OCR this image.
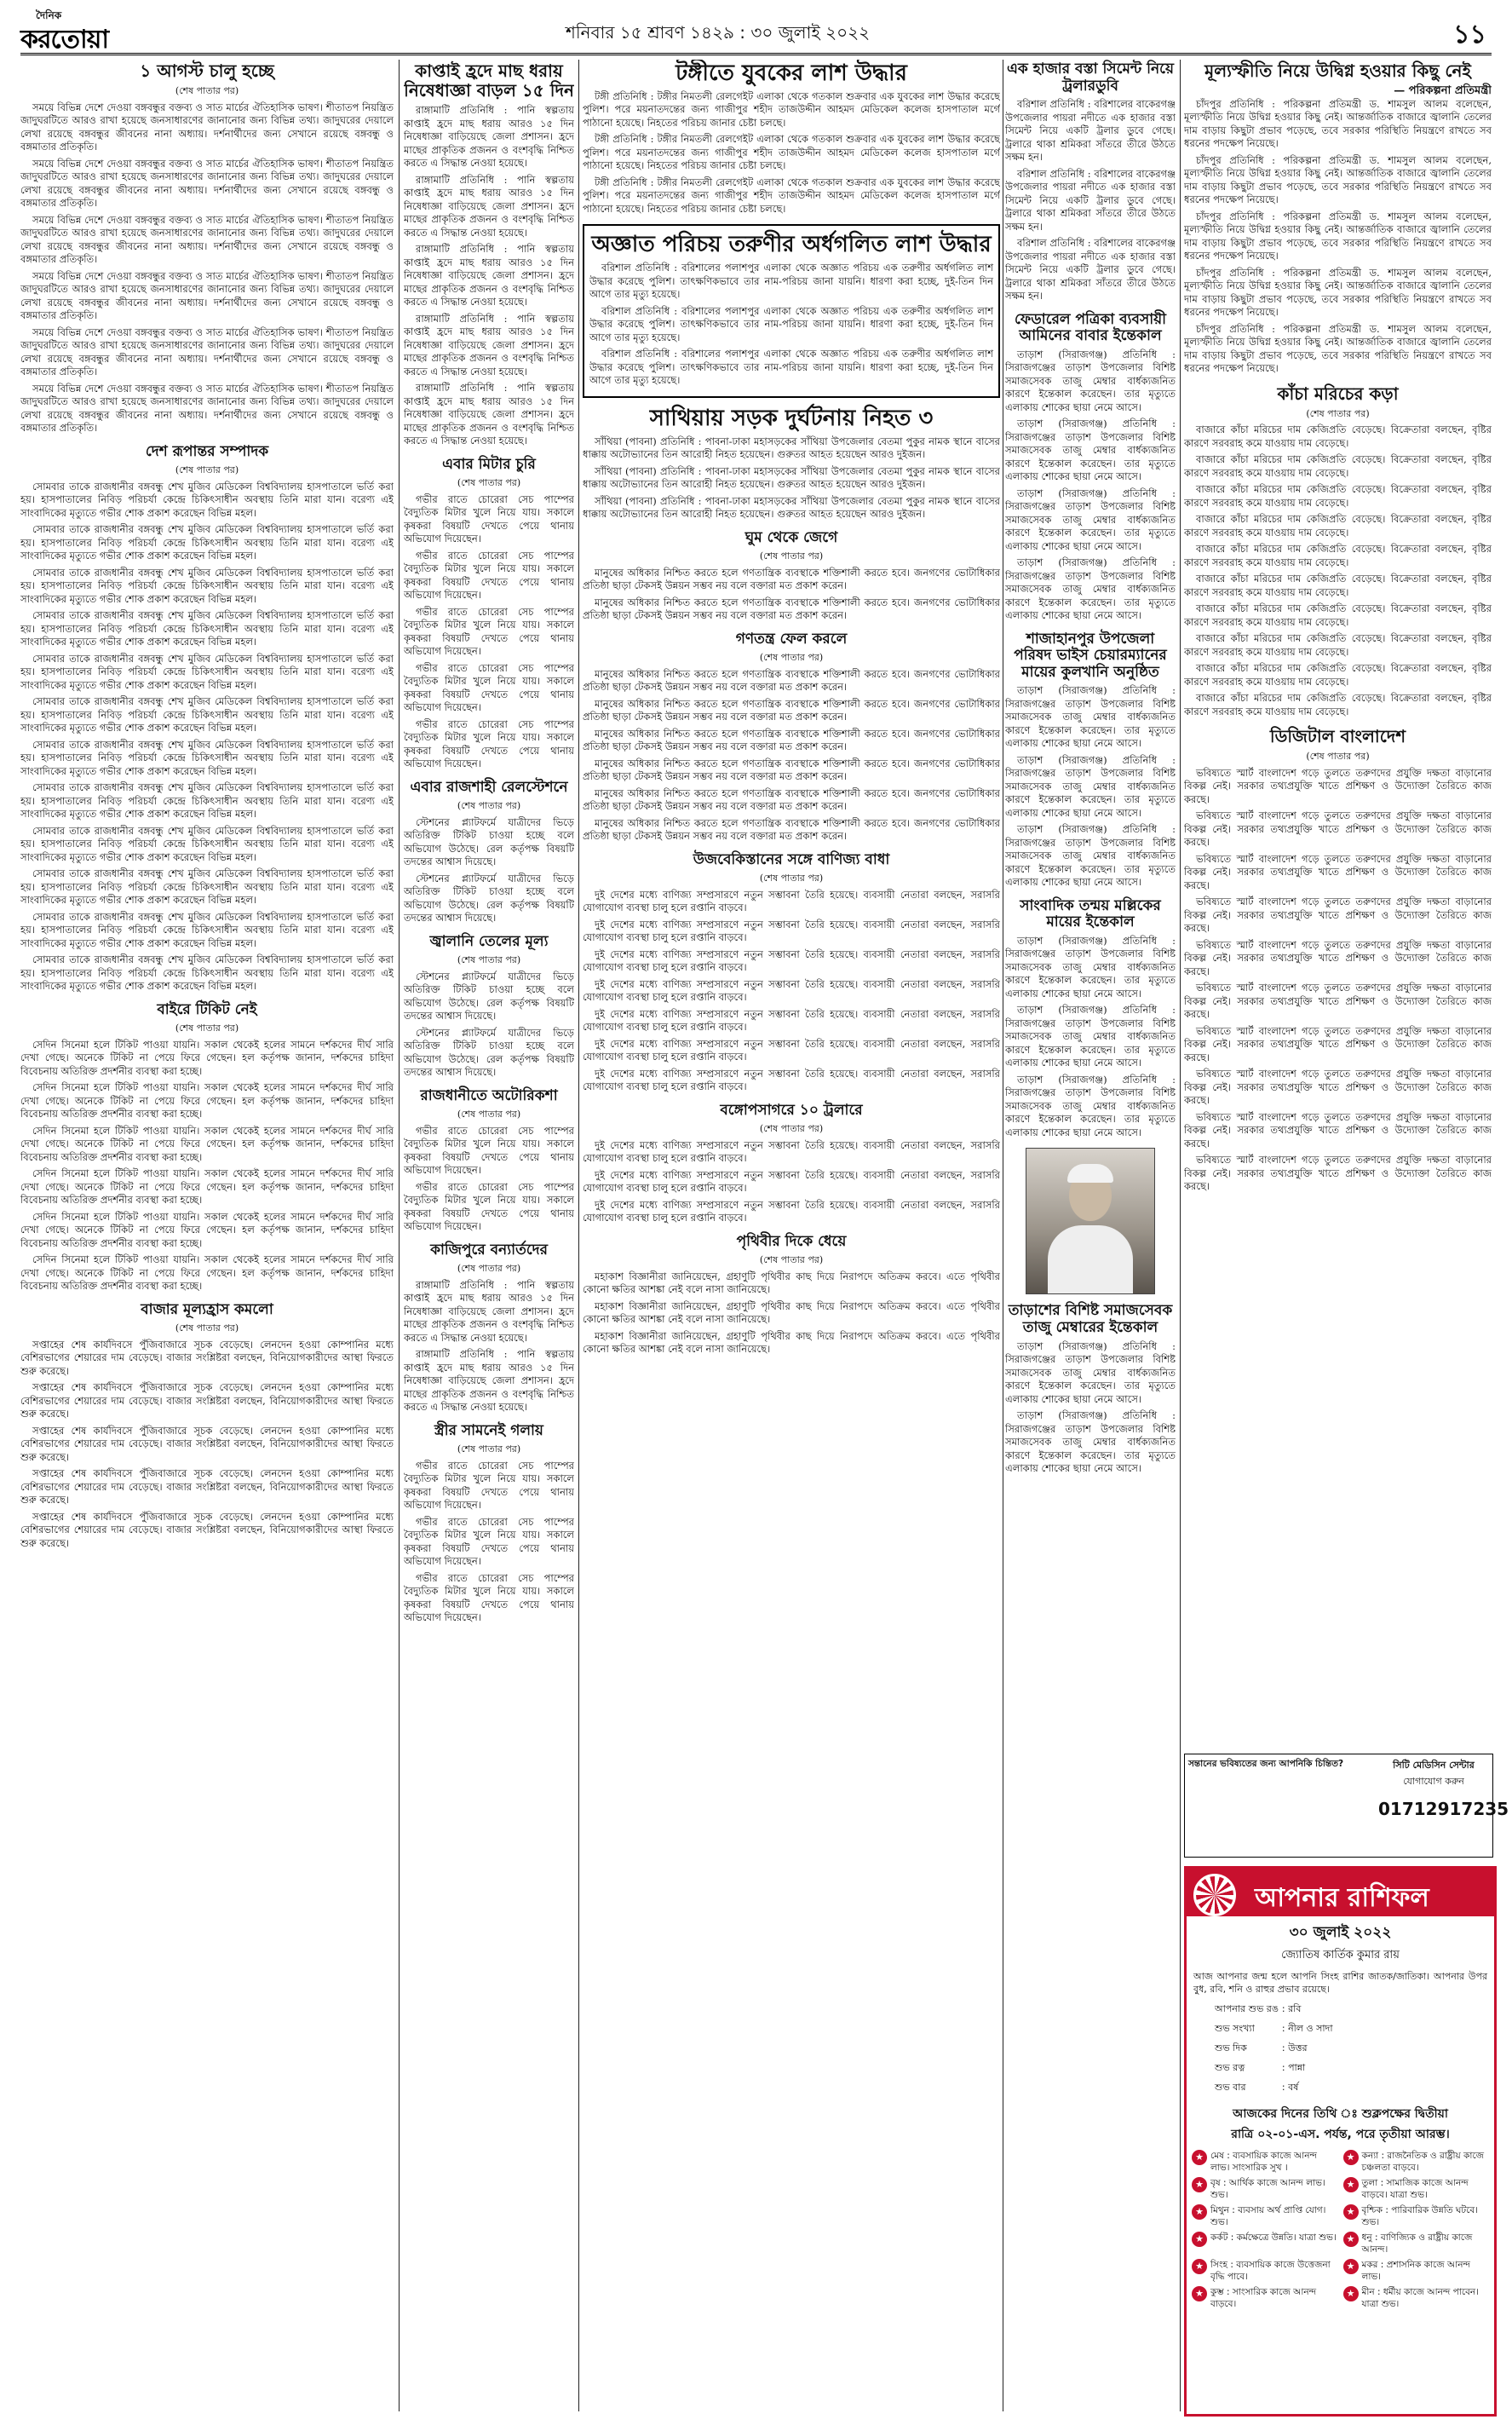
দৈনিক
করতোয়া	শনিবার ১৫ শ্রাবণ ১৪২৯ : ৩০ জুলাই ২০২২	১১
১ আগস্ট চালু হচ্ছে
(শেষ পাতার পর)

সময়ে বিভিন্ন দেশে দেওয়া বঙ্গবন্ধুর বক্তব্য ও সাত মার্চের ঐতিহাসিক ভাষণ। শীতাতপ নিয়ন্ত্রিত জাদুঘরটিতে আরও রাখা হয়েছে জনসাধারণের জানানোর জন্য বিভিন্ন তথ্য। জাদুঘরের দেয়ালে লেখা রয়েছে বঙ্গবন্ধুর জীবনের নানা অধ্যায়। দর্শনার্থীদের জন্য সেখানে রয়েছে বঙ্গবন্ধু ও বঙ্গমাতার প্রতিকৃতি।

সময়ে বিভিন্ন দেশে দেওয়া বঙ্গবন্ধুর বক্তব্য ও সাত মার্চের ঐতিহাসিক ভাষণ। শীতাতপ নিয়ন্ত্রিত জাদুঘরটিতে আরও রাখা হয়েছে জনসাধারণের জানানোর জন্য বিভিন্ন তথ্য। জাদুঘরের দেয়ালে লেখা রয়েছে বঙ্গবন্ধুর জীবনের নানা অধ্যায়। দর্শনার্থীদের জন্য সেখানে রয়েছে বঙ্গবন্ধু ও বঙ্গমাতার প্রতিকৃতি।

সময়ে বিভিন্ন দেশে দেওয়া বঙ্গবন্ধুর বক্তব্য ও সাত মার্চের ঐতিহাসিক ভাষণ। শীতাতপ নিয়ন্ত্রিত জাদুঘরটিতে আরও রাখা হয়েছে জনসাধারণের জানানোর জন্য বিভিন্ন তথ্য। জাদুঘরের দেয়ালে লেখা রয়েছে বঙ্গবন্ধুর জীবনের নানা অধ্যায়। দর্শনার্থীদের জন্য সেখানে রয়েছে বঙ্গবন্ধু ও বঙ্গমাতার প্রতিকৃতি।

সময়ে বিভিন্ন দেশে দেওয়া বঙ্গবন্ধুর বক্তব্য ও সাত মার্চের ঐতিহাসিক ভাষণ। শীতাতপ নিয়ন্ত্রিত জাদুঘরটিতে আরও রাখা হয়েছে জনসাধারণের জানানোর জন্য বিভিন্ন তথ্য। জাদুঘরের দেয়ালে লেখা রয়েছে বঙ্গবন্ধুর জীবনের নানা অধ্যায়। দর্শনার্থীদের জন্য সেখানে রয়েছে বঙ্গবন্ধু ও বঙ্গমাতার প্রতিকৃতি।

সময়ে বিভিন্ন দেশে দেওয়া বঙ্গবন্ধুর বক্তব্য ও সাত মার্চের ঐতিহাসিক ভাষণ। শীতাতপ নিয়ন্ত্রিত জাদুঘরটিতে আরও রাখা হয়েছে জনসাধারণের জানানোর জন্য বিভিন্ন তথ্য। জাদুঘরের দেয়ালে লেখা রয়েছে বঙ্গবন্ধুর জীবনের নানা অধ্যায়। দর্শনার্থীদের জন্য সেখানে রয়েছে বঙ্গবন্ধু ও বঙ্গমাতার প্রতিকৃতি।

সময়ে বিভিন্ন দেশে দেওয়া বঙ্গবন্ধুর বক্তব্য ও সাত মার্চের ঐতিহাসিক ভাষণ। শীতাতপ নিয়ন্ত্রিত জাদুঘরটিতে আরও রাখা হয়েছে জনসাধারণের জানানোর জন্য বিভিন্ন তথ্য। জাদুঘরের দেয়ালে লেখা রয়েছে বঙ্গবন্ধুর জীবনের নানা অধ্যায়। দর্শনার্থীদের জন্য সেখানে রয়েছে বঙ্গবন্ধু ও বঙ্গমাতার প্রতিকৃতি।

দেশ রূপান্তর সম্পাদক
(শেষ পাতার পর)

সোমবার তাকে রাজধানীর বঙ্গবন্ধু শেখ মুজিব মেডিকেল বিশ্ববিদ্যালয় হাসপাতালে ভর্তি করা হয়। হাসপাতালের নিবিড় পরিচর্যা কেন্দ্রে চিকিৎসাধীন অবস্থায় তিনি মারা যান। বরেণ্য এই সাংবাদিকের মৃত্যুতে গভীর শোক প্রকাশ করেছেন বিভিন্ন মহল।

সোমবার তাকে রাজধানীর বঙ্গবন্ধু শেখ মুজিব মেডিকেল বিশ্ববিদ্যালয় হাসপাতালে ভর্তি করা হয়। হাসপাতালের নিবিড় পরিচর্যা কেন্দ্রে চিকিৎসাধীন অবস্থায় তিনি মারা যান। বরেণ্য এই সাংবাদিকের মৃত্যুতে গভীর শোক প্রকাশ করেছেন বিভিন্ন মহল।

সোমবার তাকে রাজধানীর বঙ্গবন্ধু শেখ মুজিব মেডিকেল বিশ্ববিদ্যালয় হাসপাতালে ভর্তি করা হয়। হাসপাতালের নিবিড় পরিচর্যা কেন্দ্রে চিকিৎসাধীন অবস্থায় তিনি মারা যান। বরেণ্য এই সাংবাদিকের মৃত্যুতে গভীর শোক প্রকাশ করেছেন বিভিন্ন মহল।

সোমবার তাকে রাজধানীর বঙ্গবন্ধু শেখ মুজিব মেডিকেল বিশ্ববিদ্যালয় হাসপাতালে ভর্তি করা হয়। হাসপাতালের নিবিড় পরিচর্যা কেন্দ্রে চিকিৎসাধীন অবস্থায় তিনি মারা যান। বরেণ্য এই সাংবাদিকের মৃত্যুতে গভীর শোক প্রকাশ করেছেন বিভিন্ন মহল।

সোমবার তাকে রাজধানীর বঙ্গবন্ধু শেখ মুজিব মেডিকেল বিশ্ববিদ্যালয় হাসপাতালে ভর্তি করা হয়। হাসপাতালের নিবিড় পরিচর্যা কেন্দ্রে চিকিৎসাধীন অবস্থায় তিনি মারা যান। বরেণ্য এই সাংবাদিকের মৃত্যুতে গভীর শোক প্রকাশ করেছেন বিভিন্ন মহল।

সোমবার তাকে রাজধানীর বঙ্গবন্ধু শেখ মুজিব মেডিকেল বিশ্ববিদ্যালয় হাসপাতালে ভর্তি করা হয়। হাসপাতালের নিবিড় পরিচর্যা কেন্দ্রে চিকিৎসাধীন অবস্থায় তিনি মারা যান। বরেণ্য এই সাংবাদিকের মৃত্যুতে গভীর শোক প্রকাশ করেছেন বিভিন্ন মহল।

সোমবার তাকে রাজধানীর বঙ্গবন্ধু শেখ মুজিব মেডিকেল বিশ্ববিদ্যালয় হাসপাতালে ভর্তি করা হয়। হাসপাতালের নিবিড় পরিচর্যা কেন্দ্রে চিকিৎসাধীন অবস্থায় তিনি মারা যান। বরেণ্য এই সাংবাদিকের মৃত্যুতে গভীর শোক প্রকাশ করেছেন বিভিন্ন মহল।

সোমবার তাকে রাজধানীর বঙ্গবন্ধু শেখ মুজিব মেডিকেল বিশ্ববিদ্যালয় হাসপাতালে ভর্তি করা হয়। হাসপাতালের নিবিড় পরিচর্যা কেন্দ্রে চিকিৎসাধীন অবস্থায় তিনি মারা যান। বরেণ্য এই সাংবাদিকের মৃত্যুতে গভীর শোক প্রকাশ করেছেন বিভিন্ন মহল।

সোমবার তাকে রাজধানীর বঙ্গবন্ধু শেখ মুজিব মেডিকেল বিশ্ববিদ্যালয় হাসপাতালে ভর্তি করা হয়। হাসপাতালের নিবিড় পরিচর্যা কেন্দ্রে চিকিৎসাধীন অবস্থায় তিনি মারা যান। বরেণ্য এই সাংবাদিকের মৃত্যুতে গভীর শোক প্রকাশ করেছেন বিভিন্ন মহল।

সোমবার তাকে রাজধানীর বঙ্গবন্ধু শেখ মুজিব মেডিকেল বিশ্ববিদ্যালয় হাসপাতালে ভর্তি করা হয়। হাসপাতালের নিবিড় পরিচর্যা কেন্দ্রে চিকিৎসাধীন অবস্থায় তিনি মারা যান। বরেণ্য এই সাংবাদিকের মৃত্যুতে গভীর শোক প্রকাশ করেছেন বিভিন্ন মহল।

সোমবার তাকে রাজধানীর বঙ্গবন্ধু শেখ মুজিব মেডিকেল বিশ্ববিদ্যালয় হাসপাতালে ভর্তি করা হয়। হাসপাতালের নিবিড় পরিচর্যা কেন্দ্রে চিকিৎসাধীন অবস্থায় তিনি মারা যান। বরেণ্য এই সাংবাদিকের মৃত্যুতে গভীর শোক প্রকাশ করেছেন বিভিন্ন মহল।

সোমবার তাকে রাজধানীর বঙ্গবন্ধু শেখ মুজিব মেডিকেল বিশ্ববিদ্যালয় হাসপাতালে ভর্তি করা হয়। হাসপাতালের নিবিড় পরিচর্যা কেন্দ্রে চিকিৎসাধীন অবস্থায় তিনি মারা যান। বরেণ্য এই সাংবাদিকের মৃত্যুতে গভীর শোক প্রকাশ করেছেন বিভিন্ন মহল।

বাইরে টিকিট নেই
(শেষ পাতার পর)

সেদিন সিনেমা হলে টিকিট পাওয়া যায়নি। সকাল থেকেই হলের সামনে দর্শকদের দীর্ঘ সারি দেখা গেছে। অনেকে টিকিট না পেয়ে ফিরে গেছেন। হল কর্তৃপক্ষ জানান, দর্শকদের চাহিদা বিবেচনায় অতিরিক্ত প্রদর্শনীর ব্যবস্থা করা হচ্ছে।

সেদিন সিনেমা হলে টিকিট পাওয়া যায়নি। সকাল থেকেই হলের সামনে দর্শকদের দীর্ঘ সারি দেখা গেছে। অনেকে টিকিট না পেয়ে ফিরে গেছেন। হল কর্তৃপক্ষ জানান, দর্শকদের চাহিদা বিবেচনায় অতিরিক্ত প্রদর্শনীর ব্যবস্থা করা হচ্ছে।

সেদিন সিনেমা হলে টিকিট পাওয়া যায়নি। সকাল থেকেই হলের সামনে দর্শকদের দীর্ঘ সারি দেখা গেছে। অনেকে টিকিট না পেয়ে ফিরে গেছেন। হল কর্তৃপক্ষ জানান, দর্শকদের চাহিদা বিবেচনায় অতিরিক্ত প্রদর্শনীর ব্যবস্থা করা হচ্ছে।

সেদিন সিনেমা হলে টিকিট পাওয়া যায়নি। সকাল থেকেই হলের সামনে দর্শকদের দীর্ঘ সারি দেখা গেছে। অনেকে টিকিট না পেয়ে ফিরে গেছেন। হল কর্তৃপক্ষ জানান, দর্শকদের চাহিদা বিবেচনায় অতিরিক্ত প্রদর্শনীর ব্যবস্থা করা হচ্ছে।

সেদিন সিনেমা হলে টিকিট পাওয়া যায়নি। সকাল থেকেই হলের সামনে দর্শকদের দীর্ঘ সারি দেখা গেছে। অনেকে টিকিট না পেয়ে ফিরে গেছেন। হল কর্তৃপক্ষ জানান, দর্শকদের চাহিদা বিবেচনায় অতিরিক্ত প্রদর্শনীর ব্যবস্থা করা হচ্ছে।

সেদিন সিনেমা হলে টিকিট পাওয়া যায়নি। সকাল থেকেই হলের সামনে দর্শকদের দীর্ঘ সারি দেখা গেছে। অনেকে টিকিট না পেয়ে ফিরে গেছেন। হল কর্তৃপক্ষ জানান, দর্শকদের চাহিদা বিবেচনায় অতিরিক্ত প্রদর্শনীর ব্যবস্থা করা হচ্ছে।

বাজার মূল্যহ্রাস কমলো
(শেষ পাতার পর)

সপ্তাহের শেষ কার্যদিবসে পুঁজিবাজারে সূচক বেড়েছে। লেনদেন হওয়া কোম্পানির মধ্যে বেশিরভাগের শেয়ারের দাম বেড়েছে। বাজার সংশ্লিষ্টরা বলছেন, বিনিয়োগকারীদের আস্থা ফিরতে শুরু করেছে।

সপ্তাহের শেষ কার্যদিবসে পুঁজিবাজারে সূচক বেড়েছে। লেনদেন হওয়া কোম্পানির মধ্যে বেশিরভাগের শেয়ারের দাম বেড়েছে। বাজার সংশ্লিষ্টরা বলছেন, বিনিয়োগকারীদের আস্থা ফিরতে শুরু করেছে।

সপ্তাহের শেষ কার্যদিবসে পুঁজিবাজারে সূচক বেড়েছে। লেনদেন হওয়া কোম্পানির মধ্যে বেশিরভাগের শেয়ারের দাম বেড়েছে। বাজার সংশ্লিষ্টরা বলছেন, বিনিয়োগকারীদের আস্থা ফিরতে শুরু করেছে।

সপ্তাহের শেষ কার্যদিবসে পুঁজিবাজারে সূচক বেড়েছে। লেনদেন হওয়া কোম্পানির মধ্যে বেশিরভাগের শেয়ারের দাম বেড়েছে। বাজার সংশ্লিষ্টরা বলছেন, বিনিয়োগকারীদের আস্থা ফিরতে শুরু করেছে।

সপ্তাহের শেষ কার্যদিবসে পুঁজিবাজারে সূচক বেড়েছে। লেনদেন হওয়া কোম্পানির মধ্যে বেশিরভাগের শেয়ারের দাম বেড়েছে। বাজার সংশ্লিষ্টরা বলছেন, বিনিয়োগকারীদের আস্থা ফিরতে শুরু করেছে।

কাপ্তাই হ্রদে মাছ ধরায় নিষেধাজ্ঞা বাড়ল ১৫ দিন

রাঙ্গামাটি প্রতিনিধি : পানি স্বল্পতায় কাপ্তাই হ্রদে মাছ ধরায় আরও ১৫ দিন নিষেধাজ্ঞা বাড়িয়েছে জেলা প্রশাসন। হ্রদে মাছের প্রাকৃতিক প্রজনন ও বংশবৃদ্ধি নিশ্চিত করতে এ সিদ্ধান্ত নেওয়া হয়েছে।

রাঙ্গামাটি প্রতিনিধি : পানি স্বল্পতায় কাপ্তাই হ্রদে মাছ ধরায় আরও ১৫ দিন নিষেধাজ্ঞা বাড়িয়েছে জেলা প্রশাসন। হ্রদে মাছের প্রাকৃতিক প্রজনন ও বংশবৃদ্ধি নিশ্চিত করতে এ সিদ্ধান্ত নেওয়া হয়েছে।

রাঙ্গামাটি প্রতিনিধি : পানি স্বল্পতায় কাপ্তাই হ্রদে মাছ ধরায় আরও ১৫ দিন নিষেধাজ্ঞা বাড়িয়েছে জেলা প্রশাসন। হ্রদে মাছের প্রাকৃতিক প্রজনন ও বংশবৃদ্ধি নিশ্চিত করতে এ সিদ্ধান্ত নেওয়া হয়েছে।

রাঙ্গামাটি প্রতিনিধি : পানি স্বল্পতায় কাপ্তাই হ্রদে মাছ ধরায় আরও ১৫ দিন নিষেধাজ্ঞা বাড়িয়েছে জেলা প্রশাসন। হ্রদে মাছের প্রাকৃতিক প্রজনন ও বংশবৃদ্ধি নিশ্চিত করতে এ সিদ্ধান্ত নেওয়া হয়েছে।

রাঙ্গামাটি প্রতিনিধি : পানি স্বল্পতায় কাপ্তাই হ্রদে মাছ ধরায় আরও ১৫ দিন নিষেধাজ্ঞা বাড়িয়েছে জেলা প্রশাসন। হ্রদে মাছের প্রাকৃতিক প্রজনন ও বংশবৃদ্ধি নিশ্চিত করতে এ সিদ্ধান্ত নেওয়া হয়েছে।

এবার মিটার চুরি
(শেষ পাতার পর)

গভীর রাতে চোরেরা সেচ পাম্পের বৈদ্যুতিক মিটার খুলে নিয়ে যায়। সকালে কৃষকরা বিষয়টি দেখতে পেয়ে থানায় অভিযোগ দিয়েছেন।

গভীর রাতে চোরেরা সেচ পাম্পের বৈদ্যুতিক মিটার খুলে নিয়ে যায়। সকালে কৃষকরা বিষয়টি দেখতে পেয়ে থানায় অভিযোগ দিয়েছেন।

গভীর রাতে চোরেরা সেচ পাম্পের বৈদ্যুতিক মিটার খুলে নিয়ে যায়। সকালে কৃষকরা বিষয়টি দেখতে পেয়ে থানায় অভিযোগ দিয়েছেন।

গভীর রাতে চোরেরা সেচ পাম্পের বৈদ্যুতিক মিটার খুলে নিয়ে যায়। সকালে কৃষকরা বিষয়টি দেখতে পেয়ে থানায় অভিযোগ দিয়েছেন।

গভীর রাতে চোরেরা সেচ পাম্পের বৈদ্যুতিক মিটার খুলে নিয়ে যায়। সকালে কৃষকরা বিষয়টি দেখতে পেয়ে থানায় অভিযোগ দিয়েছেন।

এবার রাজশাহী রেলস্টেশনে
(শেষ পাতার পর)

স্টেশনের প্ল্যাটফর্মে যাত্রীদের ভিড়ে অতিরিক্ত টিকিট চাওয়া হচ্ছে বলে অভিযোগ উঠেছে। রেল কর্তৃপক্ষ বিষয়টি তদন্তের আশ্বাস দিয়েছে।

স্টেশনের প্ল্যাটফর্মে যাত্রীদের ভিড়ে অতিরিক্ত টিকিট চাওয়া হচ্ছে বলে অভিযোগ উঠেছে। রেল কর্তৃপক্ষ বিষয়টি তদন্তের আশ্বাস দিয়েছে।

জ্বালানি তেলের মূল্য
(শেষ পাতার পর)

স্টেশনের প্ল্যাটফর্মে যাত্রীদের ভিড়ে অতিরিক্ত টিকিট চাওয়া হচ্ছে বলে অভিযোগ উঠেছে। রেল কর্তৃপক্ষ বিষয়টি তদন্তের আশ্বাস দিয়েছে।

স্টেশনের প্ল্যাটফর্মে যাত্রীদের ভিড়ে অতিরিক্ত টিকিট চাওয়া হচ্ছে বলে অভিযোগ উঠেছে। রেল কর্তৃপক্ষ বিষয়টি তদন্তের আশ্বাস দিয়েছে।

রাজধানীতে অটোরিকশা
(শেষ পাতার পর)

গভীর রাতে চোরেরা সেচ পাম্পের বৈদ্যুতিক মিটার খুলে নিয়ে যায়। সকালে কৃষকরা বিষয়টি দেখতে পেয়ে থানায় অভিযোগ দিয়েছেন।

গভীর রাতে চোরেরা সেচ পাম্পের বৈদ্যুতিক মিটার খুলে নিয়ে যায়। সকালে কৃষকরা বিষয়টি দেখতে পেয়ে থানায় অভিযোগ দিয়েছেন।

কাজিপুরে বন্যার্তদের
(শেষ পাতার পর)

রাঙ্গামাটি প্রতিনিধি : পানি স্বল্পতায় কাপ্তাই হ্রদে মাছ ধরায় আরও ১৫ দিন নিষেধাজ্ঞা বাড়িয়েছে জেলা প্রশাসন। হ্রদে মাছের প্রাকৃতিক প্রজনন ও বংশবৃদ্ধি নিশ্চিত করতে এ সিদ্ধান্ত নেওয়া হয়েছে।

রাঙ্গামাটি প্রতিনিধি : পানি স্বল্পতায় কাপ্তাই হ্রদে মাছ ধরায় আরও ১৫ দিন নিষেধাজ্ঞা বাড়িয়েছে জেলা প্রশাসন। হ্রদে মাছের প্রাকৃতিক প্রজনন ও বংশবৃদ্ধি নিশ্চিত করতে এ সিদ্ধান্ত নেওয়া হয়েছে।

স্ত্রীর সামনেই গলায়
(শেষ পাতার পর)

গভীর রাতে চোরেরা সেচ পাম্পের বৈদ্যুতিক মিটার খুলে নিয়ে যায়। সকালে কৃষকরা বিষয়টি দেখতে পেয়ে থানায় অভিযোগ দিয়েছেন।

গভীর রাতে চোরেরা সেচ পাম্পের বৈদ্যুতিক মিটার খুলে নিয়ে যায়। সকালে কৃষকরা বিষয়টি দেখতে পেয়ে থানায় অভিযোগ দিয়েছেন।

গভীর রাতে চোরেরা সেচ পাম্পের বৈদ্যুতিক মিটার খুলে নিয়ে যায়। সকালে কৃষকরা বিষয়টি দেখতে পেয়ে থানায় অভিযোগ দিয়েছেন।

টঙ্গীতে যুবকের লাশ উদ্ধার

টঙ্গী প্রতিনিধি : টঙ্গীর নিমতলী রেলগেইট এলাকা থেকে গতকাল শুক্রবার এক যুবকের লাশ উদ্ধার করেছে পুলিশ। পরে ময়নাতদন্তের জন্য গাজীপুর শহীদ তাজউদ্দীন আহমদ মেডিকেল কলেজ হাসপাতাল মর্গে পাঠানো হয়েছে। নিহতের পরিচয় জানার চেষ্টা চলছে।

টঙ্গী প্রতিনিধি : টঙ্গীর নিমতলী রেলগেইট এলাকা থেকে গতকাল শুক্রবার এক যুবকের লাশ উদ্ধার করেছে পুলিশ। পরে ময়নাতদন্তের জন্য গাজীপুর শহীদ তাজউদ্দীন আহমদ মেডিকেল কলেজ হাসপাতাল মর্গে পাঠানো হয়েছে। নিহতের পরিচয় জানার চেষ্টা চলছে।

টঙ্গী প্রতিনিধি : টঙ্গীর নিমতলী রেলগেইট এলাকা থেকে গতকাল শুক্রবার এক যুবকের লাশ উদ্ধার করেছে পুলিশ। পরে ময়নাতদন্তের জন্য গাজীপুর শহীদ তাজউদ্দীন আহমদ মেডিকেল কলেজ হাসপাতাল মর্গে পাঠানো হয়েছে। নিহতের পরিচয় জানার চেষ্টা চলছে।

অজ্ঞাত পরিচয় তরুণীর অর্ধগলিত লাশ উদ্ধার

বরিশাল প্রতিনিধি : বরিশালের পলাশপুর এলাকা থেকে অজ্ঞাত পরিচয় এক তরুণীর অর্ধগলিত লাশ উদ্ধার করেছে পুলিশ। তাৎক্ষণিকভাবে তার নাম-পরিচয় জানা যায়নি। ধারণা করা হচ্ছে, দুই-তিন দিন আগে তার মৃত্যু হয়েছে।

বরিশাল প্রতিনিধি : বরিশালের পলাশপুর এলাকা থেকে অজ্ঞাত পরিচয় এক তরুণীর অর্ধগলিত লাশ উদ্ধার করেছে পুলিশ। তাৎক্ষণিকভাবে তার নাম-পরিচয় জানা যায়নি। ধারণা করা হচ্ছে, দুই-তিন দিন আগে তার মৃত্যু হয়েছে।

বরিশাল প্রতিনিধি : বরিশালের পলাশপুর এলাকা থেকে অজ্ঞাত পরিচয় এক তরুণীর অর্ধগলিত লাশ উদ্ধার করেছে পুলিশ। তাৎক্ষণিকভাবে তার নাম-পরিচয় জানা যায়নি। ধারণা করা হচ্ছে, দুই-তিন দিন আগে তার মৃত্যু হয়েছে।

সাথিয়ায় সড়ক দুর্ঘটনায় নিহত ৩

সাঁথিয়া (পাবনা) প্রতিনিধি : পাবনা-ঢাকা মহাসড়কের সাঁথিয়া উপজেলার বেতমা পুকুর নামক স্থানে বাসের ধাক্কায় অটোভ্যানের তিন আরোহী নিহত হয়েছেন। গুরুতর আহত হয়েছেন আরও দুইজন।

সাঁথিয়া (পাবনা) প্রতিনিধি : পাবনা-ঢাকা মহাসড়কের সাঁথিয়া উপজেলার বেতমা পুকুর নামক স্থানে বাসের ধাক্কায় অটোভ্যানের তিন আরোহী নিহত হয়েছেন। গুরুতর আহত হয়েছেন আরও দুইজন।

সাঁথিয়া (পাবনা) প্রতিনিধি : পাবনা-ঢাকা মহাসড়কের সাঁথিয়া উপজেলার বেতমা পুকুর নামক স্থানে বাসের ধাক্কায় অটোভ্যানের তিন আরোহী নিহত হয়েছেন। গুরুতর আহত হয়েছেন আরও দুইজন।

ঘুম থেকে জেগে
(শেষ পাতার পর)

মানুষের অধিকার নিশ্চিত করতে হলে গণতান্ত্রিক ব্যবস্থাকে শক্তিশালী করতে হবে। জনগণের ভোটাধিকার প্রতিষ্ঠা ছাড়া টেকসই উন্নয়ন সম্ভব নয় বলে বক্তারা মত প্রকাশ করেন।

মানুষের অধিকার নিশ্চিত করতে হলে গণতান্ত্রিক ব্যবস্থাকে শক্তিশালী করতে হবে। জনগণের ভোটাধিকার প্রতিষ্ঠা ছাড়া টেকসই উন্নয়ন সম্ভব নয় বলে বক্তারা মত প্রকাশ করেন।

গণতন্ত্র ফেল করলে
(শেষ পাতার পর)

মানুষের অধিকার নিশ্চিত করতে হলে গণতান্ত্রিক ব্যবস্থাকে শক্তিশালী করতে হবে। জনগণের ভোটাধিকার প্রতিষ্ঠা ছাড়া টেকসই উন্নয়ন সম্ভব নয় বলে বক্তারা মত প্রকাশ করেন।

মানুষের অধিকার নিশ্চিত করতে হলে গণতান্ত্রিক ব্যবস্থাকে শক্তিশালী করতে হবে। জনগণের ভোটাধিকার প্রতিষ্ঠা ছাড়া টেকসই উন্নয়ন সম্ভব নয় বলে বক্তারা মত প্রকাশ করেন।

মানুষের অধিকার নিশ্চিত করতে হলে গণতান্ত্রিক ব্যবস্থাকে শক্তিশালী করতে হবে। জনগণের ভোটাধিকার প্রতিষ্ঠা ছাড়া টেকসই উন্নয়ন সম্ভব নয় বলে বক্তারা মত প্রকাশ করেন।

মানুষের অধিকার নিশ্চিত করতে হলে গণতান্ত্রিক ব্যবস্থাকে শক্তিশালী করতে হবে। জনগণের ভোটাধিকার প্রতিষ্ঠা ছাড়া টেকসই উন্নয়ন সম্ভব নয় বলে বক্তারা মত প্রকাশ করেন।

মানুষের অধিকার নিশ্চিত করতে হলে গণতান্ত্রিক ব্যবস্থাকে শক্তিশালী করতে হবে। জনগণের ভোটাধিকার প্রতিষ্ঠা ছাড়া টেকসই উন্নয়ন সম্ভব নয় বলে বক্তারা মত প্রকাশ করেন।

মানুষের অধিকার নিশ্চিত করতে হলে গণতান্ত্রিক ব্যবস্থাকে শক্তিশালী করতে হবে। জনগণের ভোটাধিকার প্রতিষ্ঠা ছাড়া টেকসই উন্নয়ন সম্ভব নয় বলে বক্তারা মত প্রকাশ করেন।

উজবেকিস্তানের সঙ্গে বাণিজ্য বাধা
(শেষ পাতার পর)

দুই দেশের মধ্যে বাণিজ্য সম্প্রসারণে নতুন সম্ভাবনা তৈরি হয়েছে। ব্যবসায়ী নেতারা বলছেন, সরাসরি যোগাযোগ ব্যবস্থা চালু হলে রপ্তানি বাড়বে।

দুই দেশের মধ্যে বাণিজ্য সম্প্রসারণে নতুন সম্ভাবনা তৈরি হয়েছে। ব্যবসায়ী নেতারা বলছেন, সরাসরি যোগাযোগ ব্যবস্থা চালু হলে রপ্তানি বাড়বে।

দুই দেশের মধ্যে বাণিজ্য সম্প্রসারণে নতুন সম্ভাবনা তৈরি হয়েছে। ব্যবসায়ী নেতারা বলছেন, সরাসরি যোগাযোগ ব্যবস্থা চালু হলে রপ্তানি বাড়বে।

দুই দেশের মধ্যে বাণিজ্য সম্প্রসারণে নতুন সম্ভাবনা তৈরি হয়েছে। ব্যবসায়ী নেতারা বলছেন, সরাসরি যোগাযোগ ব্যবস্থা চালু হলে রপ্তানি বাড়বে।

দুই দেশের মধ্যে বাণিজ্য সম্প্রসারণে নতুন সম্ভাবনা তৈরি হয়েছে। ব্যবসায়ী নেতারা বলছেন, সরাসরি যোগাযোগ ব্যবস্থা চালু হলে রপ্তানি বাড়বে।

দুই দেশের মধ্যে বাণিজ্য সম্প্রসারণে নতুন সম্ভাবনা তৈরি হয়েছে। ব্যবসায়ী নেতারা বলছেন, সরাসরি যোগাযোগ ব্যবস্থা চালু হলে রপ্তানি বাড়বে।

দুই দেশের মধ্যে বাণিজ্য সম্প্রসারণে নতুন সম্ভাবনা তৈরি হয়েছে। ব্যবসায়ী নেতারা বলছেন, সরাসরি যোগাযোগ ব্যবস্থা চালু হলে রপ্তানি বাড়বে।

বঙ্গোপসাগরে ১০ ট্রলারে
(শেষ পাতার পর)

দুই দেশের মধ্যে বাণিজ্য সম্প্রসারণে নতুন সম্ভাবনা তৈরি হয়েছে। ব্যবসায়ী নেতারা বলছেন, সরাসরি যোগাযোগ ব্যবস্থা চালু হলে রপ্তানি বাড়বে।

দুই দেশের মধ্যে বাণিজ্য সম্প্রসারণে নতুন সম্ভাবনা তৈরি হয়েছে। ব্যবসায়ী নেতারা বলছেন, সরাসরি যোগাযোগ ব্যবস্থা চালু হলে রপ্তানি বাড়বে।

দুই দেশের মধ্যে বাণিজ্য সম্প্রসারণে নতুন সম্ভাবনা তৈরি হয়েছে। ব্যবসায়ী নেতারা বলছেন, সরাসরি যোগাযোগ ব্যবস্থা চালু হলে রপ্তানি বাড়বে।

পৃথিবীর দিকে ধেয়ে
(শেষ পাতার পর)

মহাকাশ বিজ্ঞানীরা জানিয়েছেন, গ্রহাণুটি পৃথিবীর কাছ দিয়ে নিরাপদে অতিক্রম করবে। এতে পৃথিবীর কোনো ক্ষতির আশঙ্কা নেই বলে নাসা জানিয়েছে।

মহাকাশ বিজ্ঞানীরা জানিয়েছেন, গ্রহাণুটি পৃথিবীর কাছ দিয়ে নিরাপদে অতিক্রম করবে। এতে পৃথিবীর কোনো ক্ষতির আশঙ্কা নেই বলে নাসা জানিয়েছে।

মহাকাশ বিজ্ঞানীরা জানিয়েছেন, গ্রহাণুটি পৃথিবীর কাছ দিয়ে নিরাপদে অতিক্রম করবে। এতে পৃথিবীর কোনো ক্ষতির আশঙ্কা নেই বলে নাসা জানিয়েছে।

এক হাজার বস্তা সিমেন্ট নিয়ে ট্রলারডুবি

বরিশাল প্রতিনিধি : বরিশালের বাকেরগঞ্জ উপজেলার পায়রা নদীতে এক হাজার বস্তা সিমেন্ট নিয়ে একটি ট্রলার ডুবে গেছে। ট্রলারে থাকা শ্রমিকরা সাঁতরে তীরে উঠতে সক্ষম হন।

বরিশাল প্রতিনিধি : বরিশালের বাকেরগঞ্জ উপজেলার পায়রা নদীতে এক হাজার বস্তা সিমেন্ট নিয়ে একটি ট্রলার ডুবে গেছে। ট্রলারে থাকা শ্রমিকরা সাঁতরে তীরে উঠতে সক্ষম হন।

বরিশাল প্রতিনিধি : বরিশালের বাকেরগঞ্জ উপজেলার পায়রা নদীতে এক হাজার বস্তা সিমেন্ট নিয়ে একটি ট্রলার ডুবে গেছে। ট্রলারে থাকা শ্রমিকরা সাঁতরে তীরে উঠতে সক্ষম হন।

ফেডারেল পত্রিকা ব্যবসায়ী আমিনের বাবার ইন্তেকাল

তাড়াশ (সিরাজগঞ্জ) প্রতিনিধি : সিরাজগঞ্জের তাড়াশ উপজেলার বিশিষ্ট সমাজসেবক তাজু মেম্বার বার্ধক্যজনিত কারণে ইন্তেকাল করেছেন। তার মৃত্যুতে এলাকায় শোকের ছায়া নেমে আসে।

তাড়াশ (সিরাজগঞ্জ) প্রতিনিধি : সিরাজগঞ্জের তাড়াশ উপজেলার বিশিষ্ট সমাজসেবক তাজু মেম্বার বার্ধক্যজনিত কারণে ইন্তেকাল করেছেন। তার মৃত্যুতে এলাকায় শোকের ছায়া নেমে আসে।

তাড়াশ (সিরাজগঞ্জ) প্রতিনিধি : সিরাজগঞ্জের তাড়াশ উপজেলার বিশিষ্ট সমাজসেবক তাজু মেম্বার বার্ধক্যজনিত কারণে ইন্তেকাল করেছেন। তার মৃত্যুতে এলাকায় শোকের ছায়া নেমে আসে।

তাড়াশ (সিরাজগঞ্জ) প্রতিনিধি : সিরাজগঞ্জের তাড়াশ উপজেলার বিশিষ্ট সমাজসেবক তাজু মেম্বার বার্ধক্যজনিত কারণে ইন্তেকাল করেছেন। তার মৃত্যুতে এলাকায় শোকের ছায়া নেমে আসে।

শাজাহানপুর উপজেলা পরিষদ ভাইস চেয়ারম্যানের মায়ের কুলখানি অনুষ্ঠিত

তাড়াশ (সিরাজগঞ্জ) প্রতিনিধি : সিরাজগঞ্জের তাড়াশ উপজেলার বিশিষ্ট সমাজসেবক তাজু মেম্বার বার্ধক্যজনিত কারণে ইন্তেকাল করেছেন। তার মৃত্যুতে এলাকায় শোকের ছায়া নেমে আসে।

তাড়াশ (সিরাজগঞ্জ) প্রতিনিধি : সিরাজগঞ্জের তাড়াশ উপজেলার বিশিষ্ট সমাজসেবক তাজু মেম্বার বার্ধক্যজনিত কারণে ইন্তেকাল করেছেন। তার মৃত্যুতে এলাকায় শোকের ছায়া নেমে আসে।

তাড়াশ (সিরাজগঞ্জ) প্রতিনিধি : সিরাজগঞ্জের তাড়াশ উপজেলার বিশিষ্ট সমাজসেবক তাজু মেম্বার বার্ধক্যজনিত কারণে ইন্তেকাল করেছেন। তার মৃত্যুতে এলাকায় শোকের ছায়া নেমে আসে।

সাংবাদিক তন্ময় মল্লিকের মায়ের ইন্তেকাল

তাড়াশ (সিরাজগঞ্জ) প্রতিনিধি : সিরাজগঞ্জের তাড়াশ উপজেলার বিশিষ্ট সমাজসেবক তাজু মেম্বার বার্ধক্যজনিত কারণে ইন্তেকাল করেছেন। তার মৃত্যুতে এলাকায় শোকের ছায়া নেমে আসে।

তাড়াশ (সিরাজগঞ্জ) প্রতিনিধি : সিরাজগঞ্জের তাড়াশ উপজেলার বিশিষ্ট সমাজসেবক তাজু মেম্বার বার্ধক্যজনিত কারণে ইন্তেকাল করেছেন। তার মৃত্যুতে এলাকায় শোকের ছায়া নেমে আসে।

তাড়াশ (সিরাজগঞ্জ) প্রতিনিধি : সিরাজগঞ্জের তাড়াশ উপজেলার বিশিষ্ট সমাজসেবক তাজু মেম্বার বার্ধক্যজনিত কারণে ইন্তেকাল করেছেন। তার মৃত্যুতে এলাকায় শোকের ছায়া নেমে আসে।

তাড়াশের বিশিষ্ট সমাজসেবক তাজু মেম্বারের ইন্তেকাল

তাড়াশ (সিরাজগঞ্জ) প্রতিনিধি : সিরাজগঞ্জের তাড়াশ উপজেলার বিশিষ্ট সমাজসেবক তাজু মেম্বার বার্ধক্যজনিত কারণে ইন্তেকাল করেছেন। তার মৃত্যুতে এলাকায় শোকের ছায়া নেমে আসে।

তাড়াশ (সিরাজগঞ্জ) প্রতিনিধি : সিরাজগঞ্জের তাড়াশ উপজেলার বিশিষ্ট সমাজসেবক তাজু মেম্বার বার্ধক্যজনিত কারণে ইন্তেকাল করেছেন। তার মৃত্যুতে এলাকায় শোকের ছায়া নেমে আসে।

মূল্যস্ফীতি নিয়ে উদ্বিগ্ন হওয়ার কিছু নেই
— পরিকল্পনা প্রতিমন্ত্রী

চাঁদপুর প্রতিনিধি : পরিকল্পনা প্রতিমন্ত্রী ড. শামসুল আলম বলেছেন, মূল্যস্ফীতি নিয়ে উদ্বিগ্ন হওয়ার কিছু নেই। আন্তর্জাতিক বাজারে জ্বালানি তেলের দাম বাড়ায় কিছুটা প্রভাব পড়েছে, তবে সরকার পরিস্থিতি নিয়ন্ত্রণে রাখতে সব ধরনের পদক্ষেপ নিয়েছে।

চাঁদপুর প্রতিনিধি : পরিকল্পনা প্রতিমন্ত্রী ড. শামসুল আলম বলেছেন, মূল্যস্ফীতি নিয়ে উদ্বিগ্ন হওয়ার কিছু নেই। আন্তর্জাতিক বাজারে জ্বালানি তেলের দাম বাড়ায় কিছুটা প্রভাব পড়েছে, তবে সরকার পরিস্থিতি নিয়ন্ত্রণে রাখতে সব ধরনের পদক্ষেপ নিয়েছে।

চাঁদপুর প্রতিনিধি : পরিকল্পনা প্রতিমন্ত্রী ড. শামসুল আলম বলেছেন, মূল্যস্ফীতি নিয়ে উদ্বিগ্ন হওয়ার কিছু নেই। আন্তর্জাতিক বাজারে জ্বালানি তেলের দাম বাড়ায় কিছুটা প্রভাব পড়েছে, তবে সরকার পরিস্থিতি নিয়ন্ত্রণে রাখতে সব ধরনের পদক্ষেপ নিয়েছে।

চাঁদপুর প্রতিনিধি : পরিকল্পনা প্রতিমন্ত্রী ড. শামসুল আলম বলেছেন, মূল্যস্ফীতি নিয়ে উদ্বিগ্ন হওয়ার কিছু নেই। আন্তর্জাতিক বাজারে জ্বালানি তেলের দাম বাড়ায় কিছুটা প্রভাব পড়েছে, তবে সরকার পরিস্থিতি নিয়ন্ত্রণে রাখতে সব ধরনের পদক্ষেপ নিয়েছে।

চাঁদপুর প্রতিনিধি : পরিকল্পনা প্রতিমন্ত্রী ড. শামসুল আলম বলেছেন, মূল্যস্ফীতি নিয়ে উদ্বিগ্ন হওয়ার কিছু নেই। আন্তর্জাতিক বাজারে জ্বালানি তেলের দাম বাড়ায় কিছুটা প্রভাব পড়েছে, তবে সরকার পরিস্থিতি নিয়ন্ত্রণে রাখতে সব ধরনের পদক্ষেপ নিয়েছে।

কাঁচা মরিচের কড়া
(শেষ পাতার পর)

বাজারে কাঁচা মরিচের দাম কেজিপ্রতি বেড়েছে। বিক্রেতারা বলছেন, বৃষ্টির কারণে সরবরাহ কমে যাওয়ায় দাম বেড়েছে।

বাজারে কাঁচা মরিচের দাম কেজিপ্রতি বেড়েছে। বিক্রেতারা বলছেন, বৃষ্টির কারণে সরবরাহ কমে যাওয়ায় দাম বেড়েছে।

বাজারে কাঁচা মরিচের দাম কেজিপ্রতি বেড়েছে। বিক্রেতারা বলছেন, বৃষ্টির কারণে সরবরাহ কমে যাওয়ায় দাম বেড়েছে।

বাজারে কাঁচা মরিচের দাম কেজিপ্রতি বেড়েছে। বিক্রেতারা বলছেন, বৃষ্টির কারণে সরবরাহ কমে যাওয়ায় দাম বেড়েছে।

বাজারে কাঁচা মরিচের দাম কেজিপ্রতি বেড়েছে। বিক্রেতারা বলছেন, বৃষ্টির কারণে সরবরাহ কমে যাওয়ায় দাম বেড়েছে।

বাজারে কাঁচা মরিচের দাম কেজিপ্রতি বেড়েছে। বিক্রেতারা বলছেন, বৃষ্টির কারণে সরবরাহ কমে যাওয়ায় দাম বেড়েছে।

বাজারে কাঁচা মরিচের দাম কেজিপ্রতি বেড়েছে। বিক্রেতারা বলছেন, বৃষ্টির কারণে সরবরাহ কমে যাওয়ায় দাম বেড়েছে।

বাজারে কাঁচা মরিচের দাম কেজিপ্রতি বেড়েছে। বিক্রেতারা বলছেন, বৃষ্টির কারণে সরবরাহ কমে যাওয়ায় দাম বেড়েছে।

বাজারে কাঁচা মরিচের দাম কেজিপ্রতি বেড়েছে। বিক্রেতারা বলছেন, বৃষ্টির কারণে সরবরাহ কমে যাওয়ায় দাম বেড়েছে।

বাজারে কাঁচা মরিচের দাম কেজিপ্রতি বেড়েছে। বিক্রেতারা বলছেন, বৃষ্টির কারণে সরবরাহ কমে যাওয়ায় দাম বেড়েছে।

ডিজিটাল বাংলাদেশ
(শেষ পাতার পর)

ভবিষ্যতে স্মার্ট বাংলাদেশ গড়ে তুলতে তরুণদের প্রযুক্তি দক্ষতা বাড়ানোর বিকল্প নেই। সরকার তথ্যপ্রযুক্তি খাতে প্রশিক্ষণ ও উদ্যোক্তা তৈরিতে কাজ করছে।

ভবিষ্যতে স্মার্ট বাংলাদেশ গড়ে তুলতে তরুণদের প্রযুক্তি দক্ষতা বাড়ানোর বিকল্প নেই। সরকার তথ্যপ্রযুক্তি খাতে প্রশিক্ষণ ও উদ্যোক্তা তৈরিতে কাজ করছে।

ভবিষ্যতে স্মার্ট বাংলাদেশ গড়ে তুলতে তরুণদের প্রযুক্তি দক্ষতা বাড়ানোর বিকল্প নেই। সরকার তথ্যপ্রযুক্তি খাতে প্রশিক্ষণ ও উদ্যোক্তা তৈরিতে কাজ করছে।

ভবিষ্যতে স্মার্ট বাংলাদেশ গড়ে তুলতে তরুণদের প্রযুক্তি দক্ষতা বাড়ানোর বিকল্প নেই। সরকার তথ্যপ্রযুক্তি খাতে প্রশিক্ষণ ও উদ্যোক্তা তৈরিতে কাজ করছে।

ভবিষ্যতে স্মার্ট বাংলাদেশ গড়ে তুলতে তরুণদের প্রযুক্তি দক্ষতা বাড়ানোর বিকল্প নেই। সরকার তথ্যপ্রযুক্তি খাতে প্রশিক্ষণ ও উদ্যোক্তা তৈরিতে কাজ করছে।

ভবিষ্যতে স্মার্ট বাংলাদেশ গড়ে তুলতে তরুণদের প্রযুক্তি দক্ষতা বাড়ানোর বিকল্প নেই। সরকার তথ্যপ্রযুক্তি খাতে প্রশিক্ষণ ও উদ্যোক্তা তৈরিতে কাজ করছে।

ভবিষ্যতে স্মার্ট বাংলাদেশ গড়ে তুলতে তরুণদের প্রযুক্তি দক্ষতা বাড়ানোর বিকল্প নেই। সরকার তথ্যপ্রযুক্তি খাতে প্রশিক্ষণ ও উদ্যোক্তা তৈরিতে কাজ করছে।

ভবিষ্যতে স্মার্ট বাংলাদেশ গড়ে তুলতে তরুণদের প্রযুক্তি দক্ষতা বাড়ানোর বিকল্প নেই। সরকার তথ্যপ্রযুক্তি খাতে প্রশিক্ষণ ও উদ্যোক্তা তৈরিতে কাজ করছে।

ভবিষ্যতে স্মার্ট বাংলাদেশ গড়ে তুলতে তরুণদের প্রযুক্তি দক্ষতা বাড়ানোর বিকল্প নেই। সরকার তথ্যপ্রযুক্তি খাতে প্রশিক্ষণ ও উদ্যোক্তা তৈরিতে কাজ করছে।

ভবিষ্যতে স্মার্ট বাংলাদেশ গড়ে তুলতে তরুণদের প্রযুক্তি দক্ষতা বাড়ানোর বিকল্প নেই। সরকার তথ্যপ্রযুক্তি খাতে প্রশিক্ষণ ও উদ্যোক্তা তৈরিতে কাজ করছে।

সন্তানের ভবিষ্যতের জন্য আপনিকি চিন্তিত?	সিটি মেডিসিন সেন্টার
যোগাযোগ করুন
01712917235
আপনার রাশিফল
৩০ জুলাই ২০২২
জ্যোতিষ কার্তিক কুমার রায়
আজ আপনার জন্ম হলে আপনি সিংহ রাশির জাতক/জাতিকা। আপনার উপর বুধ, রবি, শনি ও রাহুর প্রভাব রয়েছে।
আপনার শুভ রঙ	: রবি
শুভ সংখ্যা	: নীল ও সাদা
শুভ দিক	: উত্তর
শুভ রত্ন	: পান্না
শুভ বার	: বৰ্ষ
আজকের দিনের তিথি ঃ শুক্লপক্ষের দ্বিতীয়া
রাত্রি ০২-০১-এস. পর্যন্ত, পরে তৃতীয়া আরম্ভ।
★ মেষ : ব্যবসায়িক কাজে আনন্দ লাভ। সাংসারিক সুখ ।
★ কন্যা : রাজনৈতিক ও রাষ্ট্রীয় কাজে চঞ্চলতা বাড়বে।
★ বৃষ : আর্থিক কাজে আনন্দ লাভ। শুভ।
★ তুলা : সামাজিক কাজে আনন্দ বাড়বে। যাত্রা শুভ।
★ মিথুন : ব্যবসায় অর্থ প্রাপ্তি যোগ। শুভ।
★ বৃশ্চিক : পারিবারিক উন্নতি ঘটবে। শুভ।
★ কর্কট : কর্মক্ষেত্রে উন্নতি। যাত্রা শুভ।	★ ধনু : বাণিজ্যিক ও রাষ্ট্রীয় কাজে আনন্দ।
★ সিংহ : ব্যবসায়িক কাজে উত্তেজনা বৃদ্ধি পাবে।
★ মকর : প্রশাসনিক কাজে আনন্দ লাভ।
★ কুম্ভ : সাংসারিক কাজে আনন্দ বাড়বে।
★ মীন : ধর্মীয় কাজে আনন্দ পাবেন। যাত্রা শুভ।
